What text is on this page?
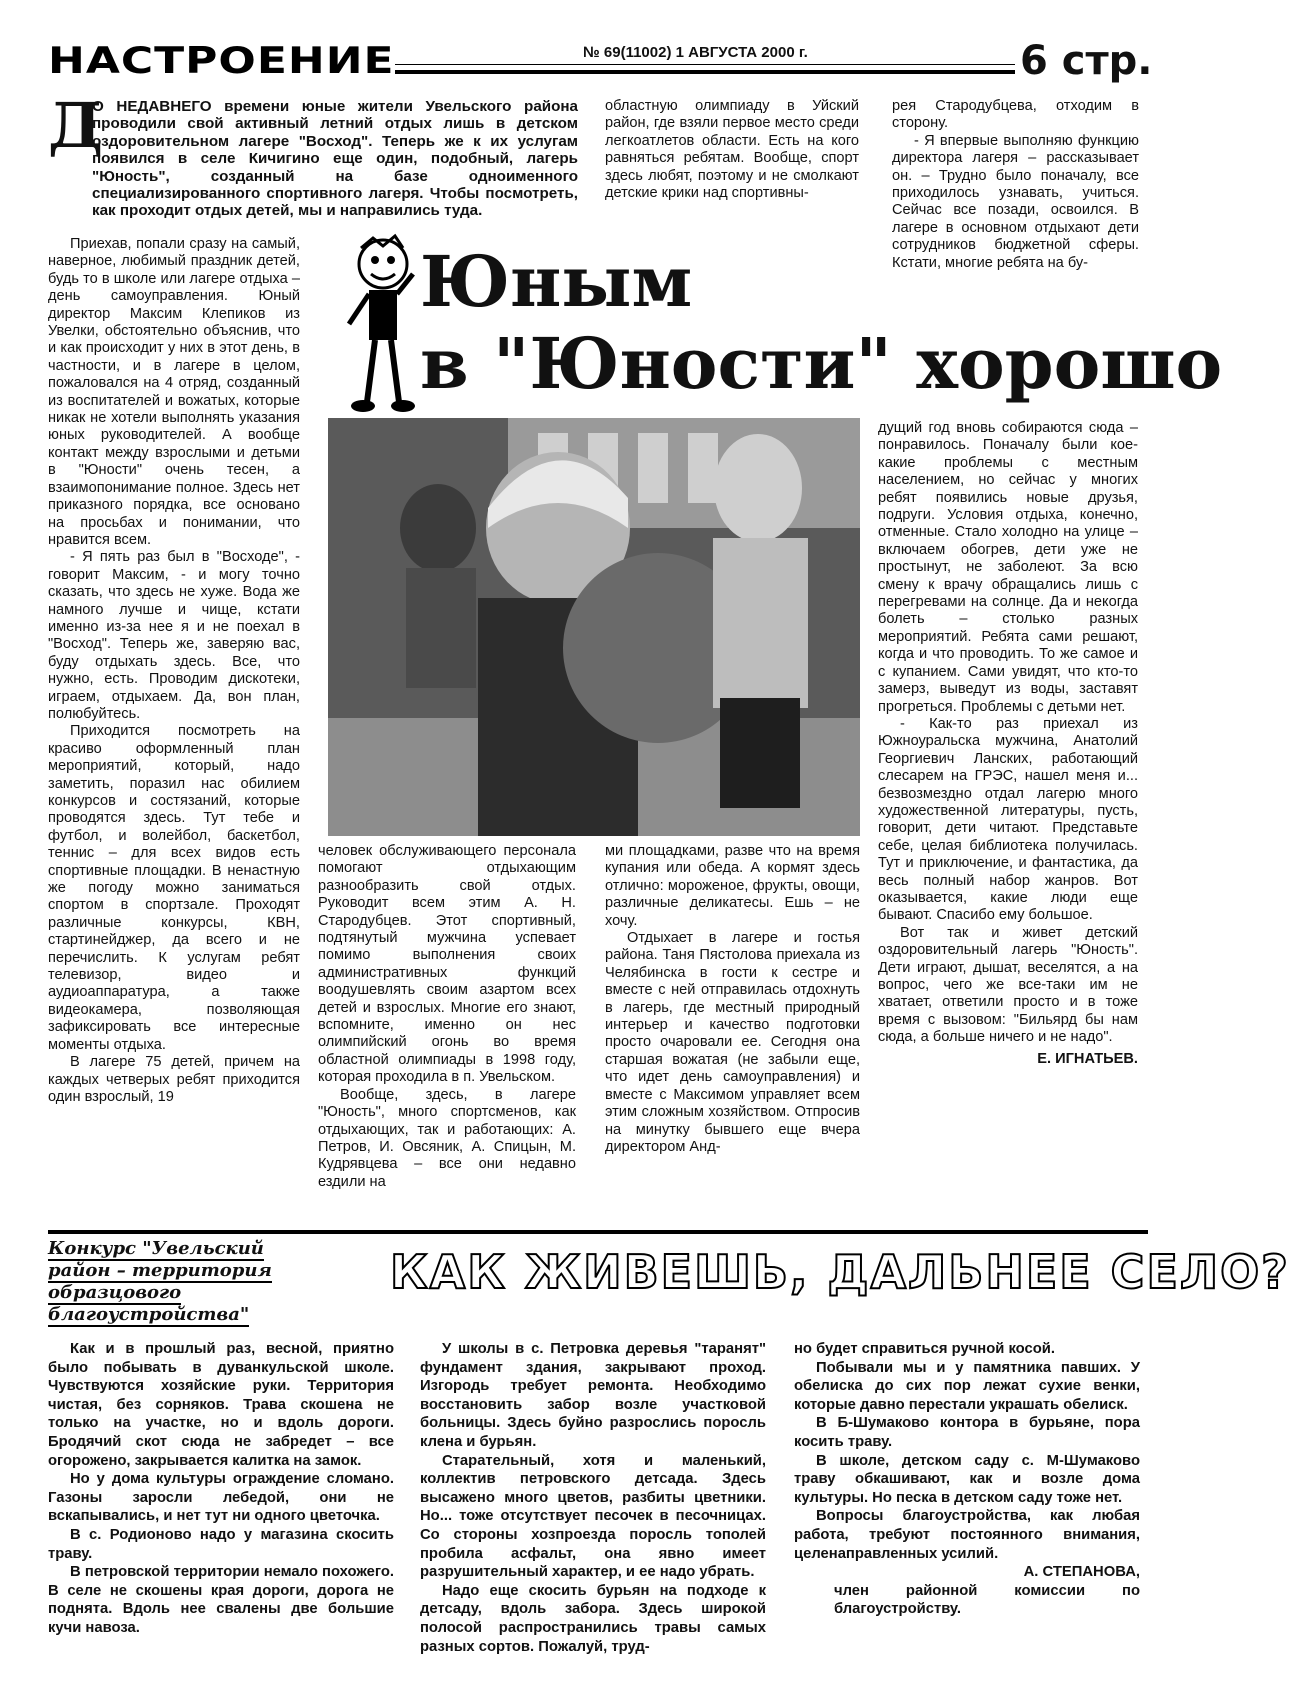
НАСТРОЕНИЕ	№ 69(11002) 1 АВГУСТА 2000 г.	6 стр.
Д

О НЕДАВНЕГО времени юные жители Увельского района проводили свой активный летний отдых лишь в детском оздоровительном лагере "Восход". Теперь же к их услугам появился в селе Кичигино еще один, подобный, лагерь "Юность", созданный на базе одноименного специализированного спортивного лагеря. Чтобы посмотреть, как проходит отдых детей, мы и направились туда.

областную олимпиаду в Уйский район, где взяли первое место среди легкоатлетов области. Есть на кого равняться ребятам. Вообще, спорт здесь любят, поэтому и не смолкают детские крики над спортивны-

рея Стародубцева, отходим в сторону.

- Я впервые выполняю функцию директора лагеря – рассказывает он. – Трудно было поначалу, все приходилось узнавать, учиться. Сейчас все позади, освоился. В лагере в основном отдыхают дети сотрудников бюджетной сферы. Кстати, многие ребята на бу-

Юным
в "Юности" хорошо

Приехав, попали сразу на самый, наверное, любимый праздник детей, будь то в школе или лагере отдыха – день самоуправления. Юный директор Максим Клепиков из Увелки, обстоятельно объяснив, что и как происходит у них в этот день, в частности, и в лагере в целом, пожаловался на 4 отряд, созданный из воспитателей и вожатых, которые никак не хотели выполнять указания юных руководителей. А вообще контакт между взрослыми и детьми в "Юности" очень тесен, а взаимопонимание полное. Здесь нет приказного порядка, все основано на просьбах и понимании, что нравится всем.

- Я пять раз был в "Восходе", - говорит Максим, - и могу точно сказать, что здесь не хуже. Вода же намного лучше и чище, кстати именно из-за нее я и не поехал в "Восход". Теперь же, заверяю вас, буду отдыхать здесь. Все, что нужно, есть. Проводим дискотеки, играем, отдыхаем. Да, вон план, полюбуйтесь.

Приходится посмотреть на красиво оформленный план мероприятий, который, надо заметить, поразил нас обилием конкурсов и состязаний, которые проводятся здесь. Тут тебе и футбол, и волейбол, баскетбол, теннис – для всех видов есть спортивные площадки. В ненастную же погоду можно заниматься спортом в спортзале. Проходят различные конкурсы, КВН, стартинейджер, да всего и не перечислить. К услугам ребят телевизор, видео и аудиоаппаратура, а также видеокамера, позволяющая зафиксировать все интересные моменты отдыха.

В лагере 75 детей, причем на каждых четверых ребят приходится один взрослый, 19

дущий год вновь собираются сюда – понравилось. Поначалу были кое-какие проблемы с местным населением, но сейчас у многих ребят появились новые друзья, подруги. Условия отдыха, конечно, отменные. Стало холодно на улице – включаем обогрев, дети уже не простынут, не заболеют. За всю смену к врачу обращались лишь с перегревами на солнце. Да и некогда болеть – столько разных мероприятий. Ребята сами решают, когда и что проводить. То же самое и с купанием. Сами увидят, что кто-то замерз, выведут из воды, заставят прогреться. Проблемы с детьми нет.

- Как-то раз приехал из Южноуральска мужчина, Анатолий Георгиевич Ланских, работающий слесарем на ГРЭС, нашел меня и... безвозмездно отдал лагерю много художественной литературы, пусть, говорит, дети читают. Представьте себе, целая библиотека получилась. Тут и приключение, и фантастика, да весь полный набор жанров. Вот оказывается, какие люди еще бывают. Спасибо ему большое.

Вот так и живет детский оздоровительный лагерь "Юность". Дети играют, дышат, веселятся, а на вопрос, чего же все-таки им не хватает, ответили просто и в тоже время с вызовом: "Бильярд бы нам сюда, а больше ничего и не надо".

Е. ИГНАТЬЕВ.

человек обслуживающего персонала помогают отдыхающим разнообразить свой отдых. Руководит всем этим А. Н. Стародубцев. Этот спортивный, подтянутый мужчина успевает помимо выполнения своих административных функций воодушевлять своим азартом всех детей и взрослых. Многие его знают, вспомните, именно он нес олимпийский огонь во время областной олимпиады в 1998 году, которая проходила в п. Увельском.

Вообще, здесь, в лагере "Юность", много спортсменов, как отдыхающих, так и работающих: А. Петров, И. Овсяник, А. Спицын, М. Кудрявцева – все они недавно ездили на

ми площадками, разве что на время купания или обеда. А кормят здесь отлично: мороженое, фрукты, овощи, различные деликатесы. Ешь – не хочу.

Отдыхает в лагере и гостья района. Таня Пястолова приехала из Челябинска в гости к сестре и вместе с ней отправилась отдохнуть в лагерь, где местный природный интерьер и качество подготовки просто очаровали ее. Сегодня она старшая вожатая (не забыли еще, что идет день самоуправления) и вместе с Максимом управляет всем этим сложным хозяйством. Отпросив на минутку бывшего еще вчера директором Анд-

Конкурс "Увельский район – территория образцового благоустройства"
КАК ЖИВЕШЬ, ДАЛЬНЕЕ СЕЛО?

Как и в прошлый раз, весной, приятно было побывать в дуванкульской школе. Чувствуются хозяйские руки. Территория чистая, без сорняков. Трава скошена не только на участке, но и вдоль дороги. Бродячий скот сюда не забредет – все огорожено, закрывается калитка на замок.

Но у дома культуры ограждение сломано. Газоны заросли лебедой, они не вскапывались, и нет тут ни одного цветочка.

В с. Родионово надо у магазина скосить траву.

В петровской территории немало похожего. В селе не скошены края дороги, дорога не поднята. Вдоль нее свалены две большие кучи навоза.

У школы в с. Петровка деревья "таранят" фундамент здания, закрывают проход. Изгородь требует ремонта. Необходимо восстановить забор возле участковой больницы. Здесь буйно разрослись поросль клена и бурьян.

Старательный, хотя и маленький, коллектив петровского детсада. Здесь высажено много цветов, разбиты цветники. Но... тоже отсутствует песочек в песочницах. Со стороны хозпроезда поросль тополей пробила асфальт, она явно имеет разрушительный характер, и ее надо убрать.

Надо еще скосить бурьян на подходе к детсаду, вдоль забора. Здесь широкой полосой распространились травы самых разных сортов. Пожалуй, труд-

но будет справиться ручной косой.

Побывали мы и у памятника павших. У обелиска до сих пор лежат сухие венки, которые давно перестали украшать обелиск.

В Б-Шумаково контора в бурьяне, пора косить траву.

В школе, детском саду с. М-Шумаково траву обкашивают, как и возле дома культуры. Но песка в детском саду тоже нет.

Вопросы благоустройства, как любая работа, требуют постоянного внимания, целенаправленных усилий.

А. СТЕПАНОВА,
член районной комиссии по благоустройству.
